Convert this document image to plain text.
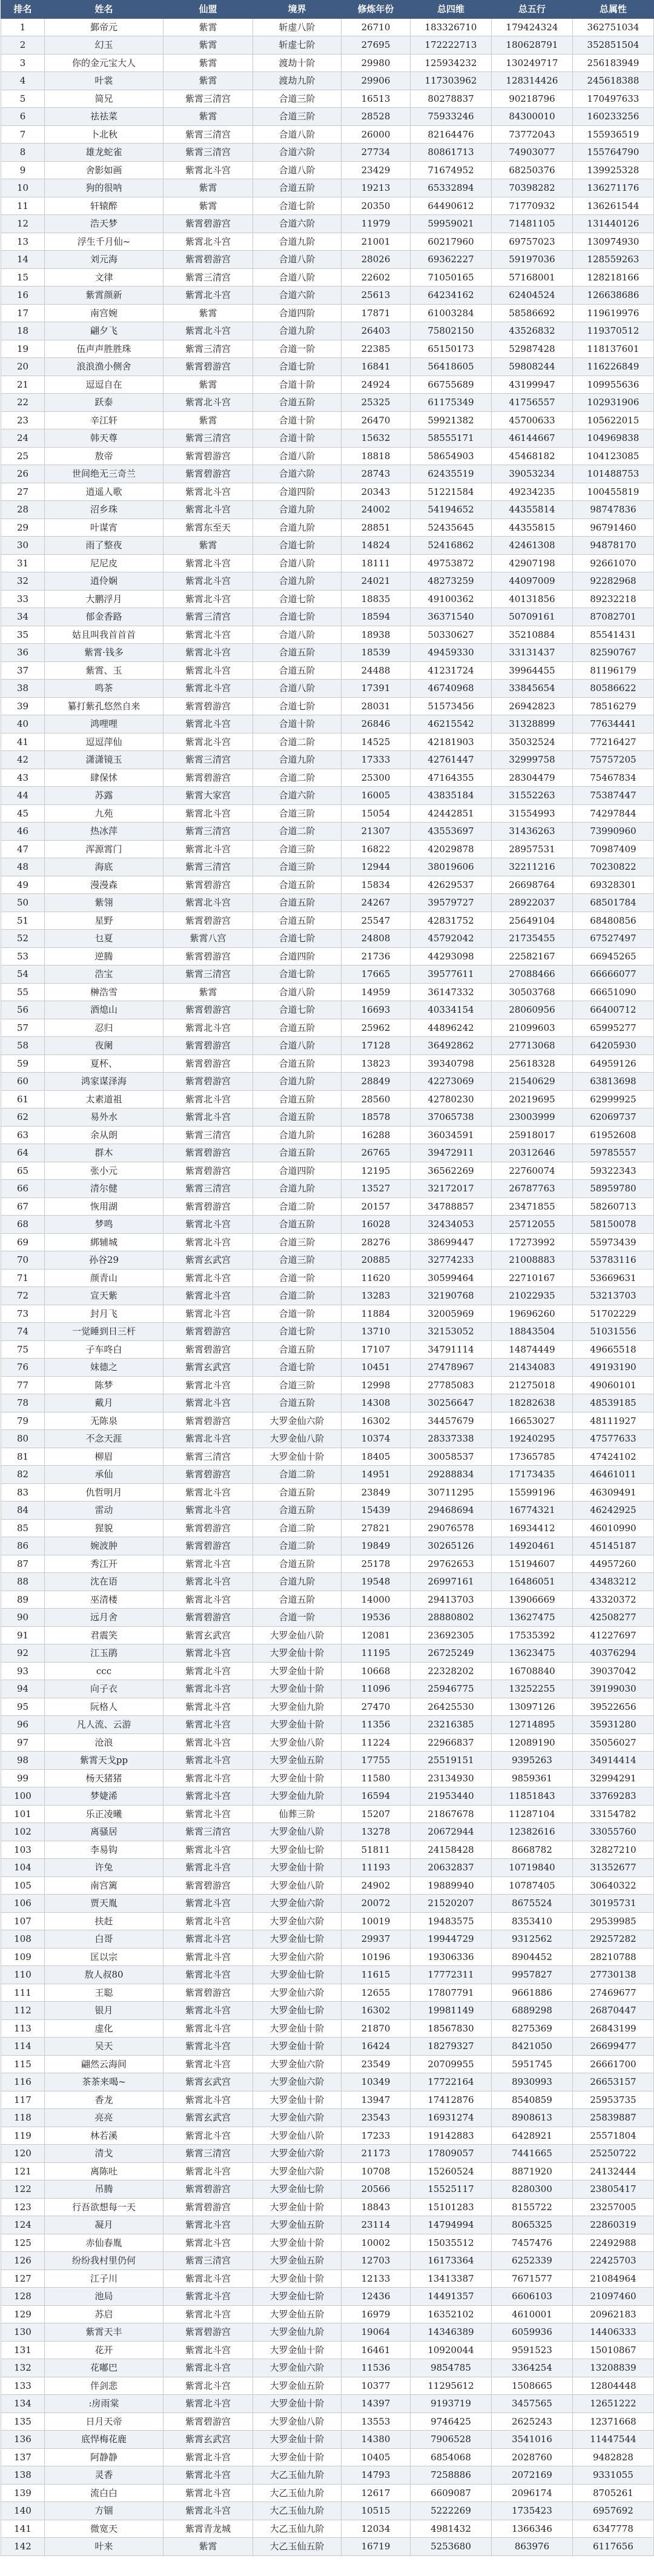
排名	姓名	仙盟	境界	修炼年份	总四维	总五行	总属性
1	鄞帝元	紫霄	斩虚八阶	26710	183326710	179424324	362751034
2	幻玉	紫霄	斩虚七阶	27695	172222713	180628791	352851504
3	你的金元宝大人	紫霄	渡劫十阶	29980	125934232	130249717	256183949
4	叶裳	紫霄	渡劫九阶	29906	117303962	128314426	245618388
5	简兄	紫霄三清宫	合道三阶	16513	80278837	90218796	170497633
6	祛祛菜	紫霄	合道三阶	28528	75933246	84300010	160233256
7	卜北秋	紫霄三清宫	合道八阶	26000	82164476	73772043	155936519
8	雄龙蛇雀	紫霄三清宫	合道六阶	27734	80861713	74903077	155764790
9	舍影如画	紫霄北斗宫	合道八阶	23429	71674952	68250376	139925328
10	狗的很呐	紫霄	合道五阶	19213	65332894	70398282	136271176
11	轩辕醉	紫霄	合道七阶	20350	64490612	71770932	136261544
12	浩天梦	紫霄碧游宫	合道六阶	11979	59959021	71481105	131440126
13	浮生千月仙~	紫霄北斗宫	合道九阶	21001	60217960	69757023	130974930
14	刘元海	紫霄碧游宫	合道八阶	28026	69362227	59197036	128559263
15	文律	紫霄三清宫	合道八阶	22602	71050165	57168001	128218166
16	紫霄颜新	紫霄北斗宫	合道六阶	25613	64234162	62404524	126638686
17	南宫婉	紫霄	合道四阶	17871	61003284	58586692	119619976
18	翩夕飞	紫霄北斗宫	合道九阶	26403	75802150	43526832	119370512
19	伍声声胜胜珠	紫霄三清宫	合道一阶	22385	65150173	52987428	118137601
20	浪浪渔小侧舍	紫霄碧游宫	合道七阶	16841	56418605	59808244	116226849
21	逗逗自在	紫霄	合道十阶	24924	66755689	43199947	109955636
22	跃泰	紫霄北斗宫	合道五阶	25325	61175349	41756557	102931906
23	辛江轩	紫霄	合道十阶	26470	59921382	45700633	105622015
24	韩天尊	紫霄三清宫	合道十阶	15632	58555171	46144667	104969838
25	敖帝	紫霄碧游宫	合道八阶	18818	58654903	45468182	104123085
26	世间绝无三奇兰	紫霄碧游宫	合道六阶	28743	62435519	39053234	101488753
27	逍遥人歌	紫霄北斗宫	合道四阶	20343	51221584	49234235	100455819
28	沼乡珠	紫霄北斗宫	合道九阶	24002	54194652	44355814	98747836
29	叶谋宵	紫霄东至天	合道九阶	28851	52435645	44355815	96791460
30	雨了整夜	紫霄	合道七阶	14824	52416862	42461308	94878170
31	尼尼皮	紫霄北斗宫	合道八阶	18111	49753872	42907198	92661070
32	逍伶娴	紫霄北斗宫	合道九阶	24021	48273259	44097009	92282968
33	大鹏浮月	紫霄北斗宫	合道七阶	18835	49100362	40131856	89232218
34	郁金香路	紫霄三清宫	合道七阶	18594	36371540	50709161	87082701
35	姑且叫我首首首	紫霄北斗宫	合道八阶	18938	50330627	35210884	85541431
36	紫霄·钱多	紫霄北斗宫	合道五阶	18539	49459330	33131437	82590767
37	紫霄、玉	紫霄北斗宫	合道五阶	24488	41231724	39964455	81196179
38	鸣茶	紫霄北斗宫	合道八阶	17391	46740968	33845654	80586622
39	纂打紫孔悠然自来	紫霄碧游宫	合道七阶	28031	51573456	26942823	78516279
40	鸿哩哩	紫霄北斗宫	合道十阶	26846	46215542	31328899	77634441
41	逗逗萍仙	紫霄北斗宫	合道二阶	14525	42181903	35032524	77216427
42	潇潇镜玉	紫霄三清宫	合道九阶	17333	42761447	32999758	75757205
43	肆保怵	紫霄碧游宫	合道二阶	25300	47164355	28304479	75467834
44	苏露	紫霄大家宫	合道六阶	16005	43835184	31552263	75387447
45	九苑	紫霄北斗宫	合道三阶	15054	42442851	31554993	74297844
46	热冰萍	紫霄三清宫	合道二阶	21307	43553697	31436263	73990960
47	浑源霄门	紫霄北斗宫	合道三阶	16822	42029878	28957531	70987409
48	海底	紫霄三清宫	合道三阶	12944	38019606	32211216	70230822
49	漫漫森	紫霄碧游宫	合道五阶	15834	42629537	26698764	69328301
50	紫翎	紫霄北斗宫	合道五阶	24267	39579727	28922037	68501784
51	星野	紫霄碧游宫	合道五阶	25547	42831752	25649104	68480856
52	乜夏	紫霄八宫	合道七阶	24808	45792042	21735455	67527497
53	逆腾	紫霄碧游宫	合道四阶	21736	44293098	22582167	66945265
54	浩宝	紫霄三清宫	合道七阶	17665	39577611	27088466	66666077
55	榊浩雪	紫霄	合道八阶	14959	36147332	30503768	66651090
56	酒熄山	紫霄碧游宫	合道七阶	16693	40334154	28060956	66400712
57	忍归	紫霄北斗宫	合道五阶	25962	44896242	21099603	65995277
58	夜阑	紫霄碧游宫	合道八阶	17128	36492862	27713068	64205930
59	夏杯、	紫霄碧游宫	合道五阶	13823	39340798	25618328	64959126
60	鸿家谋泽海	紫霄碧游宫	合道九阶	28849	42273069	21540629	63813698
61	太素道祖	紫霄北斗宫	合道五阶	28560	42780230	20219695	62999925
62	易外水	紫霄北斗宫	合道五阶	18578	37065738	23003999	62069737
63	余从朗	紫霄三清宫	合道九阶	16288	36034591	25918017	61952608
64	群木	紫霄碧游宫	合道五阶	26765	39472911	20312646	59785557
65	张小元	紫霄碧游宫	合道四阶	12195	36562269	22760074	59322343
66	清尔健	紫霄三清宫	合道九阶	13527	32172017	26787763	58959780
67	恢用湖	紫霄碧游宫	合道二阶	20157	34788857	23471855	58260713
68	梦鸣	紫霄北斗宫	合道五阶	16028	32434053	25712055	58150078
69	綁辅城	紫霄北斗宫	合道三阶	28276	38699447	17273992	55973439
70	孙谷29	紫霄玄武宫	合道三阶	20885	32774233	21008883	53783116
71	颜青山	紫霄北斗宫	合道一阶	11620	30599464	22710167	53669631
72	宣天紫	紫霄北斗宫	合道二阶	13283	32190768	21022935	53213703
73	封月飞	紫霄北斗宫	合道一阶	11884	32005969	19696260	51702229
74	一觉睡到日三杆	紫霄碧游宫	合道七阶	13710	32153052	18843504	51031556
75	子车咚白	紫霄碧游宫	合道五阶	17107	34791114	14874449	49665518
76	妹德之	紫霄玄武宫	合道七阶	10451	27478967	21434083	49193190
77	陈梦	紫霄北斗宫	合道三阶	12998	27785083	21275018	49060101
78	戴月	紫霄北斗宫	合道五阶	14308	30256647	18282638	48539185
79	无陈泉	紫霄碧游宫	大罗金仙六阶	16302	34457679	16653027	48111927
80	不念天涯	紫霄北斗宫	大罗金仙八阶	10374	28337338	19240295	47577633
81	柳眉	紫霄三清宫	大罗金仙十阶	18405	30058537	17365785	47424102
82	承仙	紫霄碧游宫	合道二阶	14951	29288834	17173435	46461011
83	仇哲明月	紫霄北斗宫	合道五阶	23849	30711295	15599196	46309491
84	雷动	紫霄北斗宫	合道五阶	15439	29468694	16774321	46242925
85	猩貌	紫霄碧游宫	合道二阶	27821	29076578	16934412	46010990
86	婉波肿	紫霄碧游宫	合道二阶	19849	30265126	14920461	45145187
87	秀江开	紫霄北斗宫	合道五阶	25178	29762653	15194607	44957260
88	沈在语	紫霄北斗宫	合道九阶	19548	26997161	16486051	43483212
89	巫清楼	紫霄北斗宫	合道五阶	14000	29413703	13906669	43320372
90	远月舍	紫霄碧游宫	合道一阶	19536	28880802	13627475	42508277
91	君震笑	紫霄玄武宫	大罗金仙八阶	12081	23692305	17535392	41227697
92	江玉鹃	紫霄北斗宫	大罗金仙十阶	11195	26725249	13623475	40376294
93	ccc	紫霄北斗宫	大罗金仙十阶	10668	22328202	16708840	39037042
94	向子衣	紫霄北斗宫	大罗金仙十阶	11096	25946775	13252255	39199030
95	阮格人	紫霄北斗宫	大罗金仙九阶	27470	26425530	13097126	39522656
96	凡人流、云游	紫霄北斗宫	大罗金仙十阶	11356	23216385	12714895	35931280
97	沧浪	紫霄北斗宫	大罗金仙八阶	11224	22966837	12089190	35056027
98	紫霄天戈pp	紫霄北斗宫	大罗金仙五阶	17755	25519151	9395263	34914414
99	杨天猪猪	紫霄北斗宫	大罗金仙十阶	11580	23134930	9859361	32994291
100	梦婕浠	紫霄北斗宫	大罗金仙九阶	16594	21953440	11851843	33769283
101	乐正凌曦	紫霄北斗宫	仙葬三阶	15207	21867678	11287104	33154782
102	离骚居	紫霄三清宫	大罗金仙八阶	13278	20672944	12382616	33055760
103	李易钩	紫霄北斗宫	大罗金仙七阶	51811	24158428	8668782	32827210
104	许兔	紫霄北斗宫	大罗金仙十阶	11193	20632837	10719840	31352677
105	南宫篱	紫霄碧游宫	大罗金仙八阶	24902	19889940	10787405	30640322
106	贾天胤	紫霄北斗宫	大罗金仙六阶	20072	21520207	8675524	30195731
107	扶赶	紫霄北斗宫	大罗金仙六阶	10019	19483575	8353410	29539985
108	白哥	紫霄北斗宫	大罗金仙七阶	29937	19944729	9312562	29257282
109	匡以宗	紫霄北斗宫	大罗金仙六阶	10196	19306336	8904452	28210788
110	敖人叔80	紫霄北斗宫	大罗金仙七阶	11615	17772311	9957827	27730138
111	王聪	紫霄碧游宫	大罗金仙六阶	12655	17807791	9661886	27469677
112	银月	紫霄北斗宫	大罗金仙七阶	16302	19981149	6889298	26870447
113	虚化	紫霄北斗宫	大罗金仙十阶	21870	18567830	8275369	26843199
114	吴天	紫霄北斗宫	大罗金仙十阶	16424	18279327	8421050	26699477
115	翩然云海间	紫霄北斗宫	大罗金仙六阶	23549	20709955	5951745	26661700
116	茶茶来喝~	紫霄玄武宫	大罗金仙六阶	10349	17722164	8930993	26653157
117	香龙	紫霄北斗宫	大罗金仙十阶	13947	17412876	8540859	25953735
118	亮亮	紫霄玄武宫	大罗金仙六阶	23543	16931274	8908613	25839887
119	林若溪	紫霄北斗宫	大罗金仙八阶	17233	19142883	6428921	25571804
120	清戈	紫霄三清宫	大罗金仙六阶	21173	17809057	7441665	25250722
121	离陈吐	紫霄北斗宫	大罗金仙六阶	10708	15260524	8871920	24132444
122	吊腾	紫霄碧游宫	大罗金仙七阶	20566	15525117	8280300	23805417
123	行吾欲想每一天	紫霄碧游宫	大罗金仙十阶	18843	15101283	8155722	23257005
124	凝月	紫霄北斗宫	大罗金仙五阶	23114	14794994	8065325	22860319
125	赤仙春胤	紫霄北斗宫	大罗金仙十阶	10002	15035512	7457476	22492988
126	纷纷我村里仍何	紫霄三清宫	大罗金仙五阶	12703	16173364	6252339	22425703
127	江子川	紫霄北斗宫	大罗金仙十阶	12133	13413387	7671577	21084964
128	池局	紫霄北斗宫	大罗金仙七阶	12436	14491357	6606103	21097460
129	苏启	紫霄北斗宫	大罗金仙五阶	16979	16352102	4610001	20962183
130	紫霄天丰	紫霄碧游宫	大罗金仙九阶	19064	14346389	6059936	14406333
131	花开	紫霄北斗宫	大罗金仙十阶	16461	10920044	9591523	15010867
132	花嘟巴	紫霄北斗宫	大罗金仙六阶	11536	9854785	3364254	13208839
133	伴剑悲	紫霄北斗宫	大罗金仙五阶	10377	11295612	1508665	12804448
134	:房雨棠	紫霄北斗宫	大罗金仙十阶	14397	9193719	3457565	12651222
135	日月天帝	紫霄碧游宫	大罗金仙八阶	13553	9746425	2625243	12371668
136	底悍梅花鹿	紫霄玄武宫	大罗金仙十阶	14380	7906528	3541016	11447544
137	阿静静	紫霄北斗宫	大罗金仙十阶	10405	6854068	2028760	9482828
138	灵香	紫霄北斗宫	大乙玉仙九阶	14793	7258886	2072169	9331055
139	流白白	紫霄北斗宫	大乙玉仙九阶	12617	6609087	2096174	8705261
140	方锢	紫霄北斗宫	大乙玉仙九阶	10515	5222269	1735423	6957692
141	微宽天	紫霄青龙城	大乙玉仙九阶	12034	4981432	1366346	6347778
142	叶来	紫霄	大乙玉仙五阶	16719	5253680	863976	6117656
